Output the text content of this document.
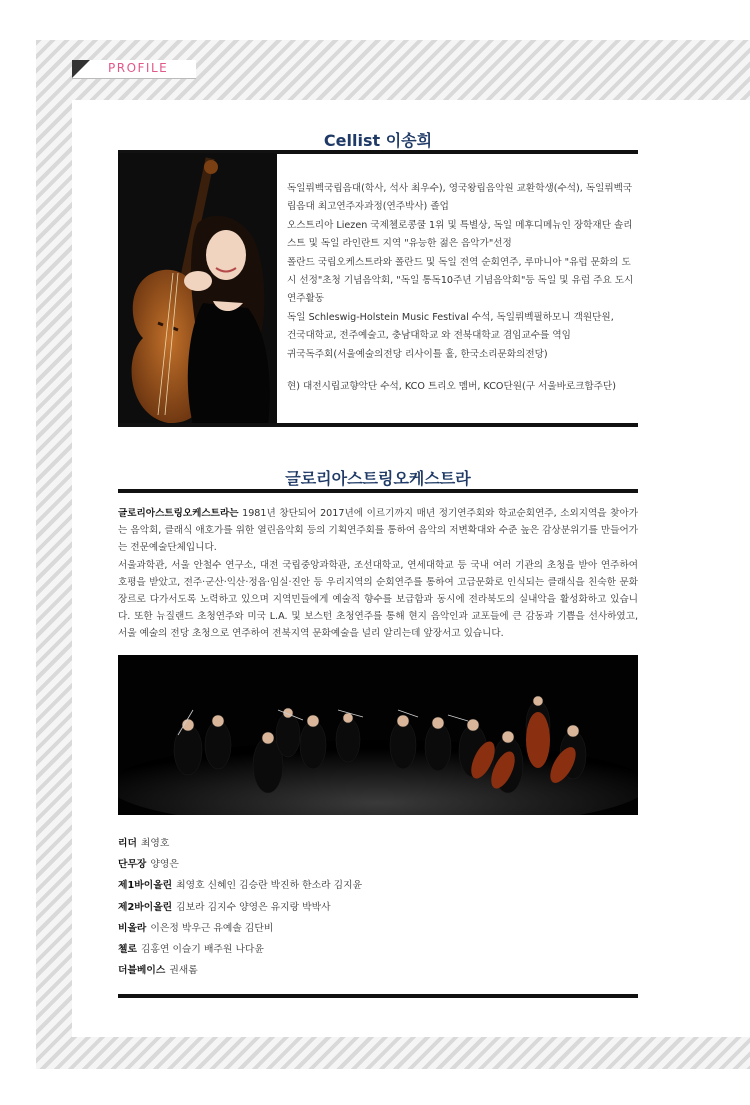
PROFILE
Cellist 이송희

독일뤼벡국립음대(학사, 석사 최우수), 영국왕립음악원 교환학생(수석), 독일뤼벡국립음대 최고연주자과정(연주박사) 졸업

오스트리아 Liezen 국제첼로콩쿨 1위 및 특별상, 독일 메후디메뉴인 장학재단 솔리스트 및 독일 라인란트 지역 "유능한 젊은 음악가"선정

폴란드 국립오케스트라와 폴란드 및 독일 전역 순회연주, 루마니아 "유럽 문화의 도시 선정"초청 기념음악회, "독일 통독10주년 기념음악회"등 독일 및 유럽 주요 도시 연주활동

독일 Schleswig-Holstein Music Festival 수석, 독일뤼벡필하모니 객원단원,

건국대학교, 전주예술고, 충남대학교 와 전북대학교 겸임교수를 역임

귀국독주회(서울예술의전당 리사이틀 홀, 한국소리문화의전당)

현) 대전시립교향악단 수석, KCO 트리오 멤버, KCO단원(구 서울바로크합주단)

글로리아스트링오케스트라
글로리아스트링오케스트라는 1981년 창단되어 2017년에 이르기까지 매년 정기연주회와 학교순회연주, 소외지역을 찾아가는 음악회, 클래식 애호가를 위한 열린음악회 등의 기획연주회를 통하여 음악의 저변확대와 수준 높은 감상분위기를 만들어가는 전문예술단체입니다.
서울과학관, 서울 안철수 연구소, 대전 국립중앙과학관, 조선대학교, 연세대학교 등 국내 여러 기관의 초청을 받아 연주하여 호평을 받았고, 전주·군산·익산·정읍·임실·진안 등 우리지역의 순회연주를 통하여 고급문화로 인식되는 클래식을 친숙한 문화장르로 다가서도록 노력하고 있으며 지역민들에게 예술적 향수를 보급함과 동시에 전라북도의 실내악을 활성화하고 있습니다. 또한 뉴질랜드 초청연주와 미국 L.A. 및 보스턴 초청연주를 통해 현지 음악인과 교포들에 큰 감동과 기쁨을 선사하였고, 서울 예술의 전당 초청으로 연주하여 전북지역 문화예술을 널리 알리는데 앞장서고 있습니다.
리더 최영호
단무장 양영은
제1바이올린 최영호 신혜인 김승란 박진하 한소라 김지윤
제2바이올린 김보라 김지수 양영은 유지랑 박박사
비올라 이은정 박우근 유예솔 김단비
첼로 김홍연 이슬기 배주원 나다윤
더블베이스 권새롬
